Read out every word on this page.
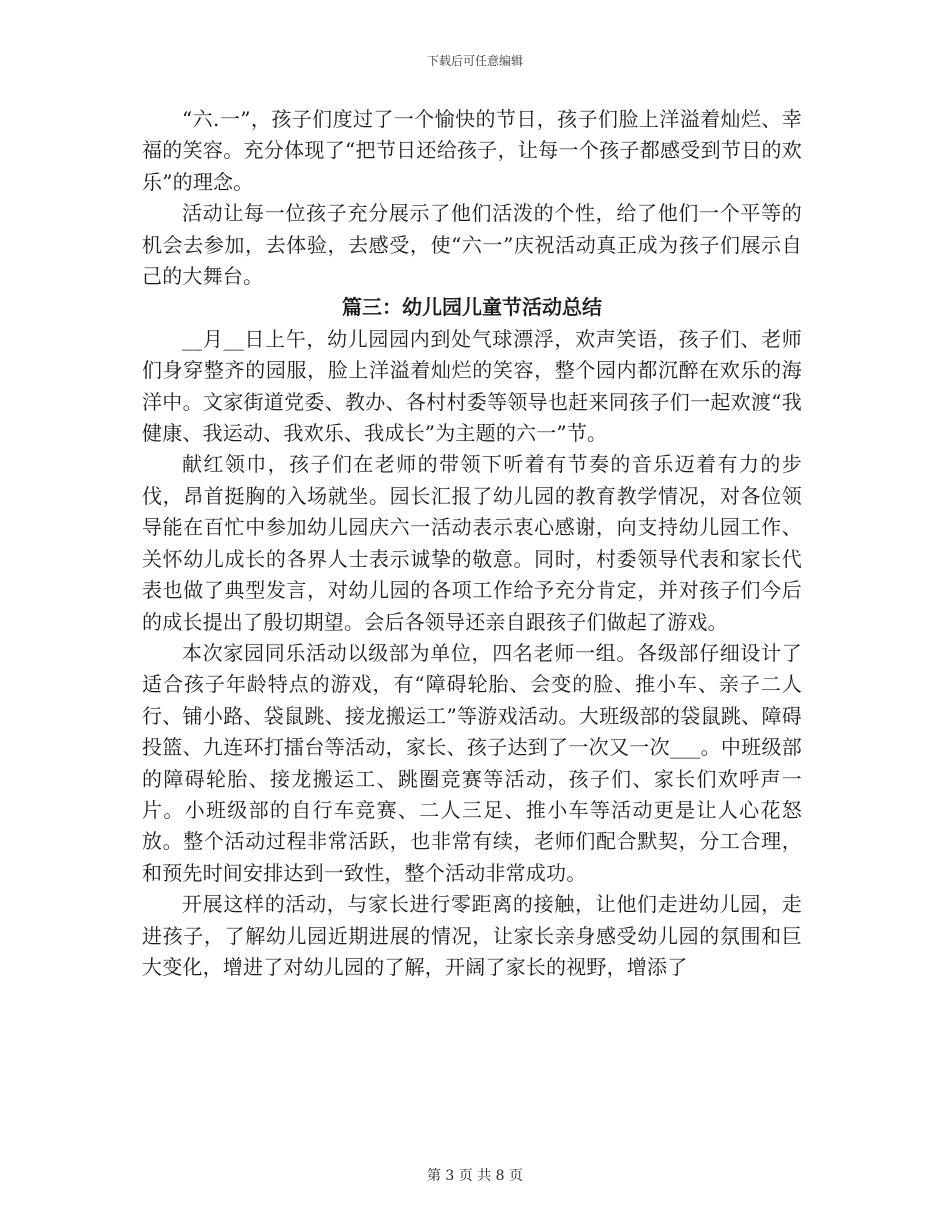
下载后可任意编辑

“六.一”，孩子们度过了一个愉快的节日，孩子们脸上洋溢着灿烂、幸福的笑容。充分体现了“把节日还给孩子，让每一个孩子都感受到节日的欢乐”的理念。

活动让每一位孩子充分展示了他们活泼的个性，给了他们一个平等的机会去参加，去体验，去感受，使“六一”庆祝活动真正成为孩子们展示自己的大舞台。

篇三：幼儿园儿童节活动总结

__月__日上午，幼儿园园内到处气球漂浮，欢声笑语，孩子们、老师们身穿整齐的园服，脸上洋溢着灿烂的笑容，整个园内都沉醉在欢乐的海洋中。文家街道党委、教办、各村村委等领导也赶来同孩子们一起欢渡“我健康、我运动、我欢乐、我成长”为主题的六一”节。

献红领巾，孩子们在老师的带领下听着有节奏的音乐迈着有力的步伐，昂首挺胸的入场就坐。园长汇报了幼儿园的教育教学情况，对各位领导能在百忙中参加幼儿园庆六一活动表示衷心感谢，向支持幼儿园工作、关怀幼儿成长的各界人士表示诚挚的敬意。同时，村委领导代表和家长代表也做了典型发言，对幼儿园的各项工作给予充分肯定，并对孩子们今后的成长提出了殷切期望。会后各领导还亲自跟孩子们做起了游戏。

本次家园同乐活动以级部为单位，四名老师一组。各级部仔细设计了适合孩子年龄特点的游戏，有“障碍轮胎、会变的脸、推小车、亲子二人行、铺小路、袋鼠跳、接龙搬运工”等游戏活动。大班级部的袋鼠跳、障碍投篮、九连环打擂台等活动，家长、孩子达到了一次又一次___。中班级部的障碍轮胎、接龙搬运工、跳圈竞赛等活动，孩子们、家长们欢呼声一片。小班级部的自行车竞赛、二人三足、推小车等活动更是让人心花怒放。整个活动过程非常活跃，也非常有续，老师们配合默契，分工合理，和预先时间安排达到一致性，整个活动非常成功。

开展这样的活动，与家长进行零距离的接触，让他们走进幼儿园，走进孩子，了解幼儿园近期进展的情况，让家长亲身感受幼儿园的氛围和巨大变化，增进了对幼儿园的了解，开阔了家长的视野，增添了

第 3 页 共 8 页
